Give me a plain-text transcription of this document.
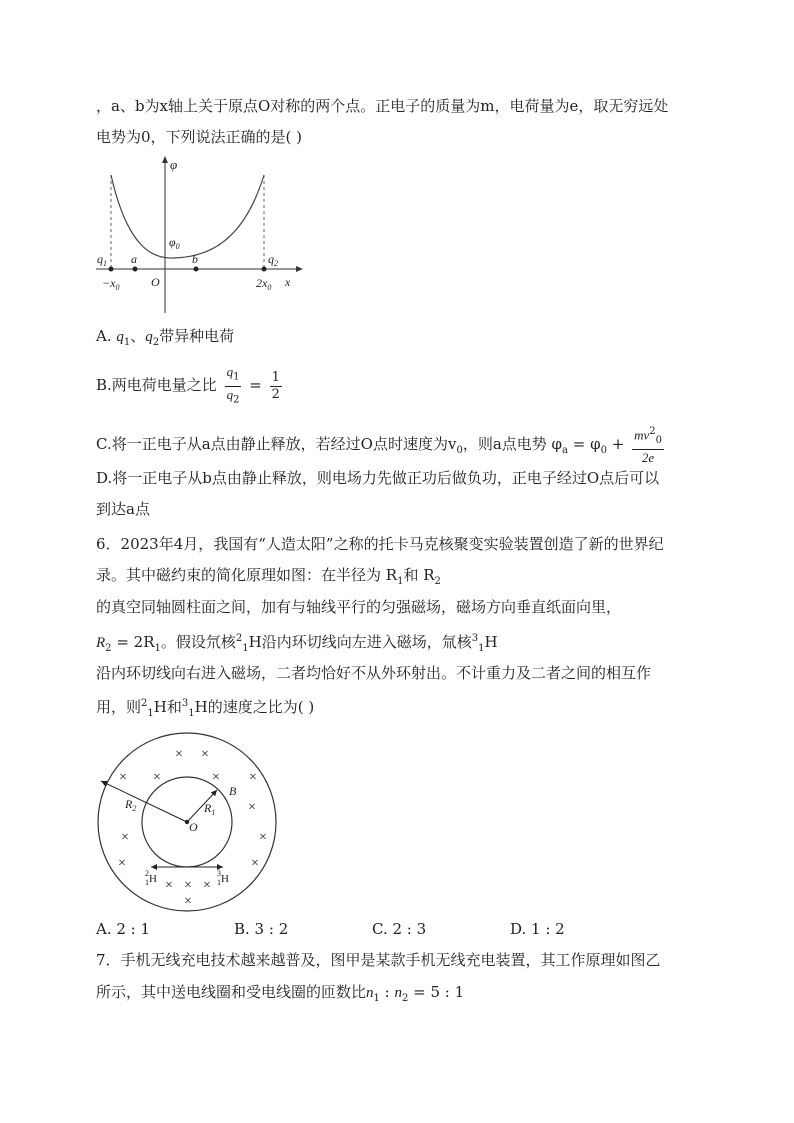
，a、b为x轴上关于原点O对称的两个点。正电子的质量为m，电荷量为e，取无穷远处
电势为0，下列说法正确的是( )
φ
$\varphi_0$
$q_1$ a	b	$q_2$
O
$-x_0$	$2x_0$ x
A. $q_1$、$q_2$带异种电荷
B.两电荷电量之比 $\frac{q_1}{q_2} = \frac{1}{2}$
C.将一正电子从a点由静止释放，若经过O点时速度为$v_0$，则a点电势 $\varphi_a = \varphi_0 + \frac{mv^2_0}{2e}$
D.将一正电子从b点由静止释放，则电场力先做正功后做负功，正电子经过O点后可以
到达a点
6．2023年4月，我国有“人造太阳”之称的托卡马克核聚变实验装置创造了新的世界纪
录。其中磁约束的简化原理如图：在半径为 $R_1$和 $R_2$
的真空同轴圆柱面之间，加有与轴线平行的匀强磁场，磁场方向垂直纸面向里，
$R_2 = 2R_1$。假设氘核$^2_1$H沿内环切线向左进入磁场，氚核$^3_1$H
沿内环切线向右进入磁场，二者均恰好不从外环射出。不计重力及二者之间的相互作
用，则$^2_1$H和$^3_1$H的速度之比为( )
× ×
× ×	× ×
×
×
×
×	×
× × ×
×
$R_2$	$R_1$
B
O
$^2$ 1H	$^3$ 1H
A. 2 : 1	B. 3 : 2	C. 2 : 3	D. 1 : 2
7．手机无线充电技术越来越普及，图甲是某款手机无线充电装置，其工作原理如图乙
所示，其中送电线圈和受电线圈的匝数比$n_1$ : $n_2 = 5$ : 1
